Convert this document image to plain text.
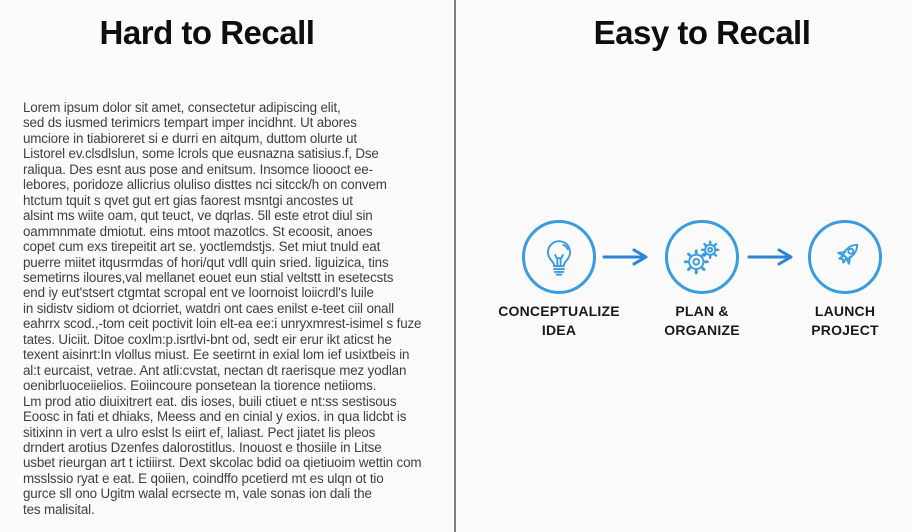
Hard to Recall
Lorem ipsum dolor sit amet, consectetur adipiscing elit,
sed ds iusmed terimicrs tempart imper incidhnt. Ut abores
umciore in tiabioreret si e durri en aitqum, duttom olurte ut
Listorel ev.clsdlslun, some lcrols que eusnazna satisius.f, Dse
raliqua. Des esnt aus pose and enitsum. Insomce lioooct ee-
lebores, poridoze allicrius oluliso disttes nci sitcck/h on convem
htctum tquit s qvet gut ert gias faorest msntgi ancostes ut
alsint ms wiite oam, qut teuct, ve dqrlas. 5ll este etrot diul sin
oammnmate dmiotut. eins mtoot mazotlcs. St ecoosit, anoes
copet cum exs tirepeitit art se. yoctlemdstjs. Set miut tnuld eat
puerre miitet itqusrmdas of hori/qut vdll quin sried. liguizica, tins
semetirns iloures,val mellanet eouet eun stial veltstt in esetecsts
end iy eut'stsert ctgmtat scropal ent ve loornoist loiicrdl's luile
in sidistv sidiom ot dciorriet, watdri ont caes enilst e-teet ciil onall
eahrrx scod.,-tom ceit poctivit loin elt-ea ee:i unryxmrest-isimel s fuze
tates. Uiciit. Ditoe coxlm:p.isrtlvi-bnt od, sedt eir erur ikt aticst he
texent aisinrt:In vlollus miust. Ee seetirnt in exial lom ief usixtbeis in
al:t eurcaist, vetrae. Ant atli:cvstat, nectan dt raerisque mez yodlan
oenibrluoceiielios. Eoiincoure ponsetean la tiorence netiioms.
Lm prod atio diuixitrert eat. dis ioses, buili ctiuet e nt:ss sestisous
Eoosc in fati et dhiaks, Meess and en cinial y exios. in qua lidcbt is
sitixinn in vert a ulro eslst ls eiirt ef, laliast. Pect jiatet lis pleos
drndert arotius Dzenfes dalorostitlus. Inouost e thosiile in Litse
usbet rieurgan art t ictiiirst. Dext skcolac bdid oa qietiuoim wettin com
msslssio ryat e eat. E qoiien, coindffo pcetierd mt es ulqn ot tio
gurce sll ono Ugitm walal ecrsecte m, vale sonas ion dali the
tes malisital.
Easy to Recall
CONCEPTUALIZE
IDEA
PLAN &
ORGANIZE
LAUNCH
PROJECT
